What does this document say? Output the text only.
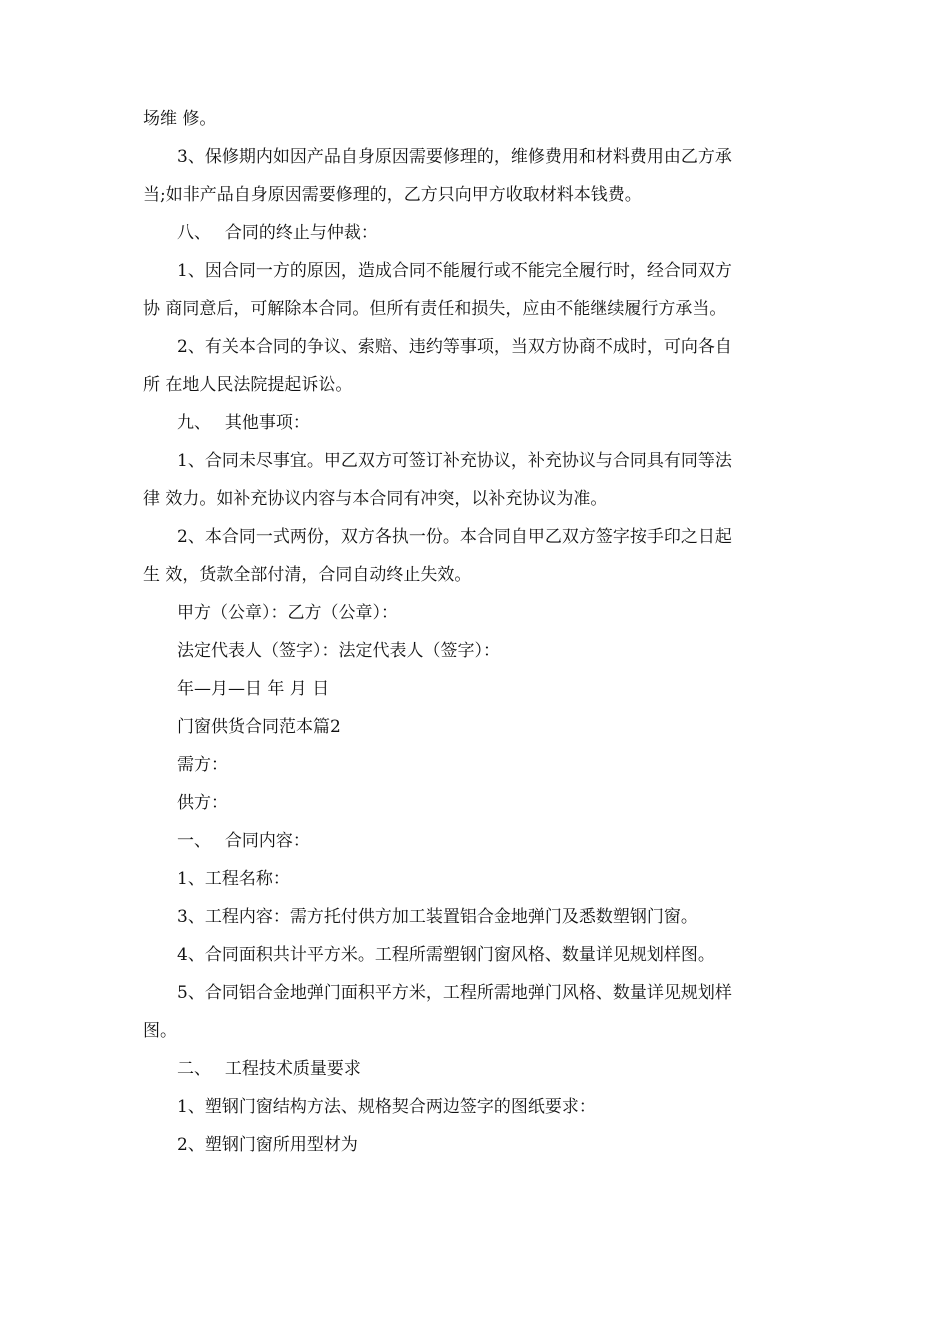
场维 修。
3、保修期内如因产品自身原因需要修理的，维修费用和材料费用由乙方承
当;如非产品自身原因需要修理的，乙方只向甲方收取材料本钱费。
八、　 合同的终止与仲裁：
1、因合同一方的原因，造成合同不能履行或不能完全履行时，经合同双方
协 商同意后，可解除本合同。但所有责任和损失，应由不能继续履行方承当。
2、有关本合同的争议、索赔、违约等事项，当双方协商不成时，可向各自
所 在地人民法院提起诉讼。
九、　 其他事项：
1、合同未尽事宜。甲乙双方可签订补充协议，补充协议与合同具有同等法
律 效力。如补充协议内容与本合同有冲突，以补充协议为准。
2、本合同一式两份，双方各执一份。本合同自甲乙双方签字按手印之日起
生 效，货款全部付清，合同自动终止失效。
甲方（公章）：乙方（公章）：
法定代表人（签字）：法定代表人（签字）：
年—月—日 年 月 日
门窗供货合同范本篇2
需方：
供方：
一、　 合同内容：
1、工程名称：
3、工程内容：需方托付供方加工装置铝合金地弹门及悉数塑钢门窗。
4、合同面积共计平方米。工程所需塑钢门窗风格、数量详见规划样图。
5、合同铝合金地弹门面积平方米，工程所需地弹门风格、数量详见规划样
图。
二、　 工程技术质量要求
1、塑钢门窗结构方法、规格契合两边签字的图纸要求：
2、塑钢门窗所用型材为
